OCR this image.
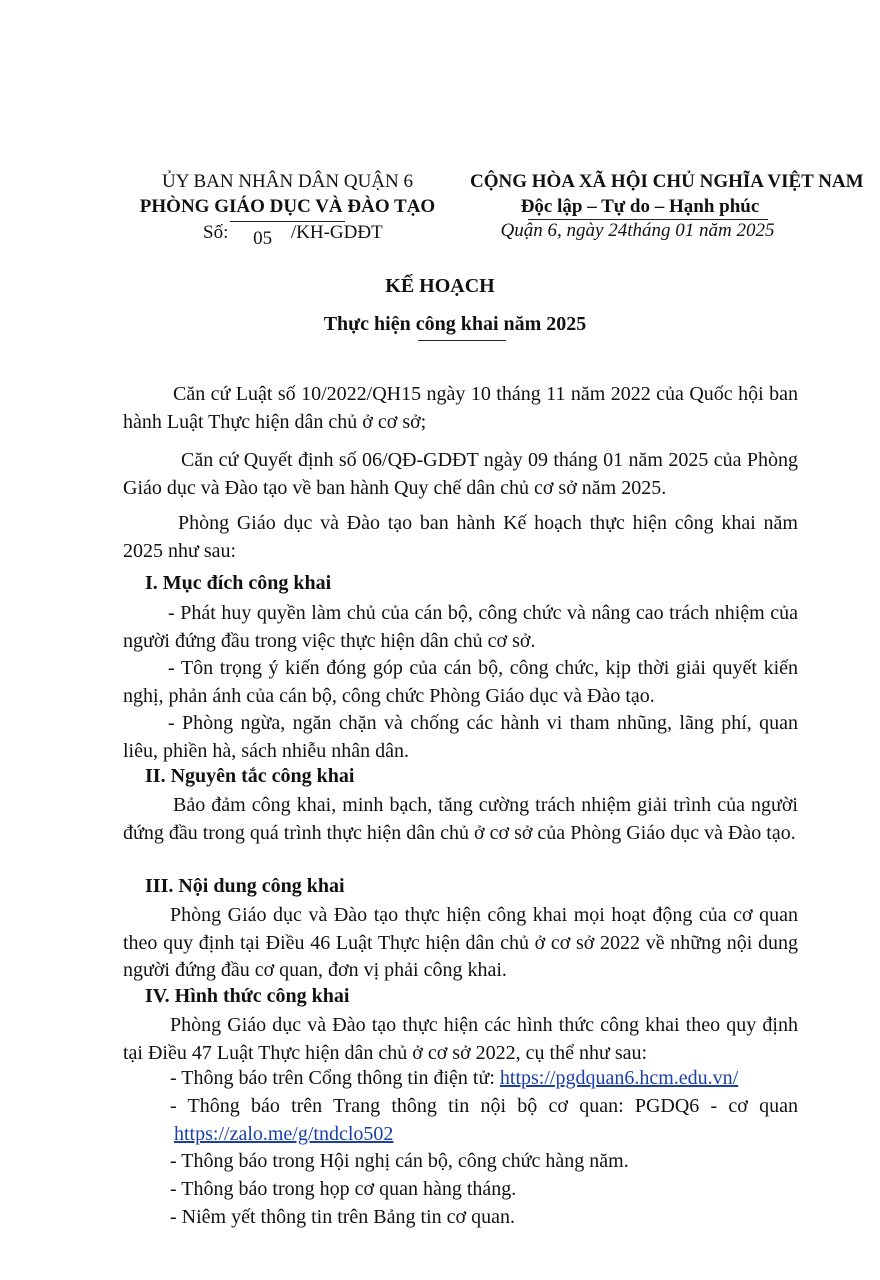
ỦY BAN NHÂN DÂN QUẬN 6
PHÒNG GIÁO DỤC VÀ ĐÀO TẠO
Số: 05 /KH-GDĐT
CỘNG HÒA XÃ HỘI CHỦ NGHĨA VIỆT NAM
Độc lập – Tự do – Hạnh phúc
Quận 6, ngày 24tháng 01 năm 2025
KẾ HOẠCH
Thực hiện công khai năm 2025
Căn cứ Luật số 10/2022/QH15 ngày 10 tháng 11 năm 2022 của Quốc hội ban hành Luật Thực hiện dân chủ ở cơ sở;
Căn cứ Quyết định số 06/QĐ-GDĐT ngày 09 tháng 01 năm 2025 của Phòng Giáo dục và Đào tạo về ban hành Quy chế dân chủ cơ sở năm 2025.
Phòng Giáo dục và Đào tạo ban hành Kế hoạch thực hiện công khai năm 2025 như sau:
I. Mục đích công khai
- Phát huy quyền làm chủ của cán bộ, công chức và nâng cao trách nhiệm của người đứng đầu trong việc thực hiện dân chủ cơ sở.
- Tôn trọng ý kiến đóng góp của cán bộ, công chức, kịp thời giải quyết kiến nghị, phản ánh của cán bộ, công chức Phòng Giáo dục và Đào tạo.
- Phòng ngừa, ngăn chặn và chống các hành vi tham nhũng, lãng phí, quan liêu, phiền hà, sách nhiễu nhân dân.
II. Nguyên tắc công khai
Bảo đảm công khai, minh bạch, tăng cường trách nhiệm giải trình của người đứng đầu trong quá trình thực hiện dân chủ ở cơ sở của Phòng Giáo dục và Đào tạo.
III. Nội dung công khai
Phòng Giáo dục và Đào tạo thực hiện công khai mọi hoạt động của cơ quan theo quy định tại Điều 46 Luật Thực hiện dân chủ ở cơ sở 2022 về những nội dung người đứng đầu cơ quan, đơn vị phải công khai.
IV. Hình thức công khai
Phòng Giáo dục và Đào tạo thực hiện các hình thức công khai theo quy định tại Điều 47 Luật Thực hiện dân chủ ở cơ sở 2022, cụ thể như sau:
- Thông báo trên Cổng thông tin điện tử: https://pgdquan6.hcm.edu.vn/
- Thông báo trên Trang thông tin nội bộ cơ quan: PGDQ6 - cơ quan
https://zalo.me/g/tndclo502
- Thông báo trong Hội nghị cán bộ, công chức hàng năm.
- Thông báo trong họp cơ quan hàng tháng.
- Niêm yết thông tin trên Bảng tin cơ quan.
